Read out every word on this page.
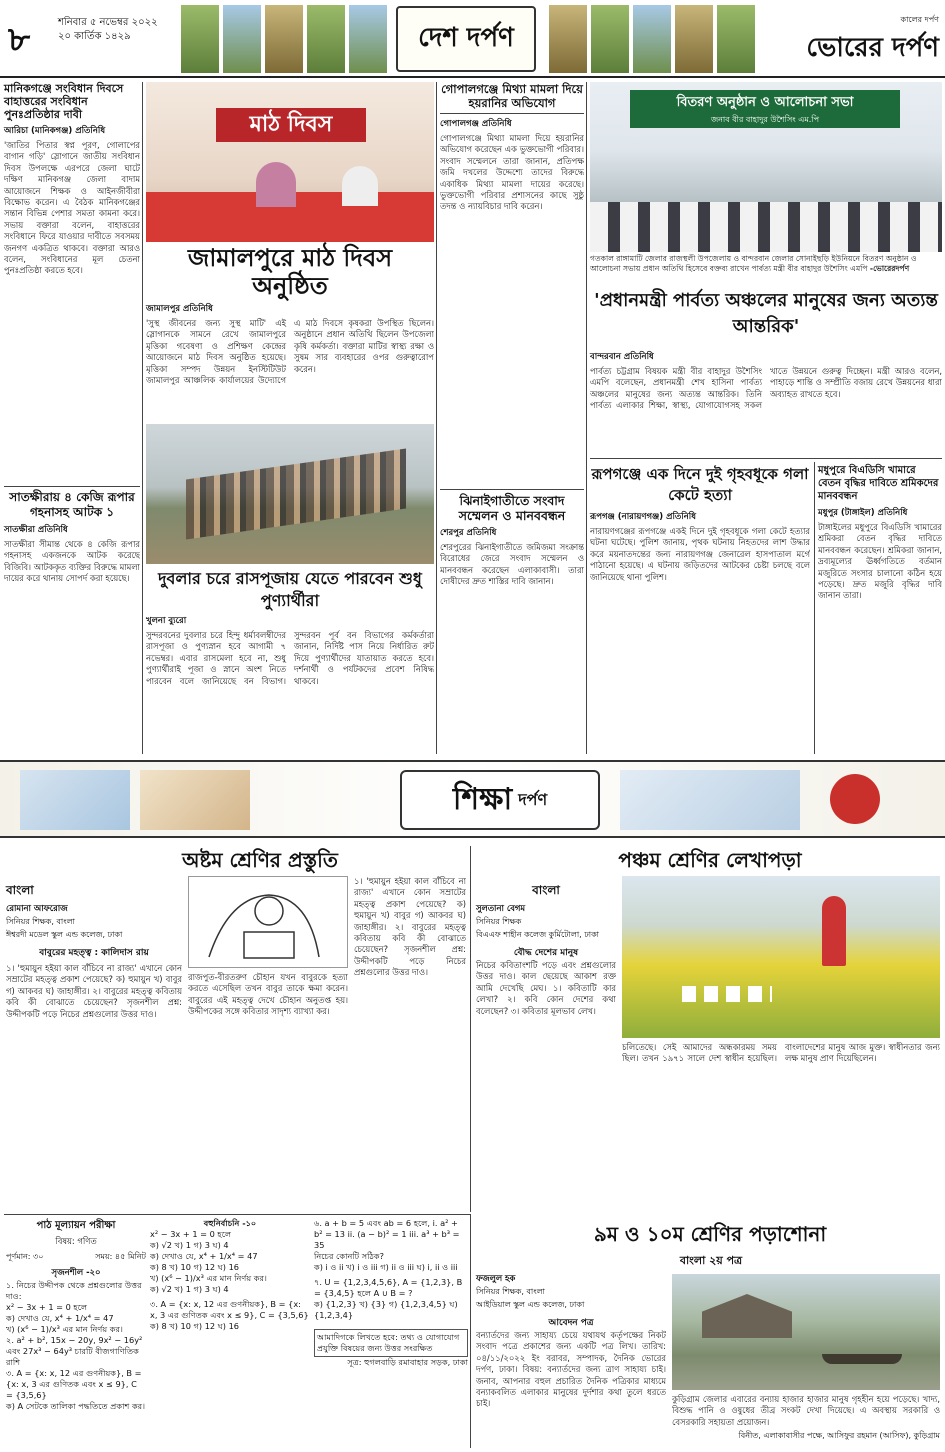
৮	শনিবার ৫ নভেম্বর ২০২২
২০ কার্তিক ১৪২৯	দেশ দর্পণ
কালের দর্পণ
ভোরের দর্পণ
মানিকগঞ্জে সংবিধান দিবসে বাহাত্তরের সংবিধান পুনঃপ্রতিষ্ঠার দাবী
আরিচা (মানিকগঞ্জ) প্রতিনিধি
'জাতির পিতার স্বপ্ন পূরণ, গোলাপের বাগান গড়ি' স্লোগানে জাতীয় সংবিধান দিবস উপলক্ষে এরপরে জেলা ঘাটে দক্ষিণ মানিকগঞ্জ জেলা বাদাম আয়োজনে শিক্ষক ও আইনজীবীরা বিক্ষোভ করেন। এ বৈঠক মানিকগঞ্জের সন্তান বিভিন্ন পেশার সমতা কামনা করে। সভায় বক্তারা বলেন, বাহাত্তরের সংবিধানে ফিরে যাওয়ার দাবীতে সবসময় জনগণ একত্রিত থাকবে। বক্তারা আরও বলেন, সংবিধানের মূল চেতনা পুনঃপ্রতিষ্ঠা করতে হবে।
সাতক্ষীরায় ৪ কেজি রূপার গহনাসহ আটক ১
সাতক্ষীরা প্রতিনিধি
সাতক্ষীরা সীমান্ত থেকে ৪ কেজি রূপার গহনাসহ একজনকে আটক করেছে বিজিবি। আটককৃত ব্যক্তির বিরুদ্ধে মামলা দায়ের করে থানায় সোপর্দ করা হয়েছে।
মাঠ দিবস
জামালপুরে মাঠ দিবস অনুষ্ঠিত
জামালপুর প্রতিনিধি
'সুস্থ জীবনের জন্য সুস্থ মাটি' এই স্লোগানকে সামনে রেখে জামালপুরে মৃত্তিকা গবেষণা ও প্রশিক্ষণ কেন্দ্রের আয়োজনে মাঠ দিবস অনুষ্ঠিত হয়েছে। মৃত্তিকা সম্পদ উন্নয়ন ইনস্টিটিউট জামালপুর আঞ্চলিক কার্যালয়ের উদ্যোগে এ মাঠ দিবসে কৃষকরা উপস্থিত ছিলেন। অনুষ্ঠানে প্রধান অতিথি ছিলেন উপজেলা কৃষি কর্মকর্তা। বক্তারা মাটির স্বাস্থ্য রক্ষা ও সুষম সার ব্যবহারের ওপর গুরুত্বারোপ করেন।
দুবলার চরে রাসপূজায় যেতে পারবেন শুধু পুণ্যার্থীরা
খুলনা ব্যুরো
সুন্দরবনের দুবলার চরে হিন্দু ধর্মাবলম্বীদের রাসপূজা ও পুণ্যস্নান হবে আগামী ৭ নভেম্বর। এবার রাসমেলা হবে না, শুধু পুণ্যার্থীরাই পূজা ও স্নানে অংশ নিতে পারবেন বলে জানিয়েছে বন বিভাগ। সুন্দরবন পূর্ব বন বিভাগের কর্মকর্তারা জানান, নির্দিষ্ট পাস নিয়ে নির্ধারিত রুট দিয়ে পুণ্যার্থীদের যাতায়াত করতে হবে। দর্শনার্থী ও পর্যটকদের প্রবেশ নিষিদ্ধ থাকবে।
গোপালগঞ্জে মিথ্যা মামলা দিয়ে হয়রানির অভিযোগ
গোপালগঞ্জ প্রতিনিধি
গোপালগঞ্জে মিথ্যা মামলা দিয়ে হয়রানির অভিযোগ করেছেন এক ভুক্তভোগী পরিবার। সংবাদ সম্মেলনে তারা জানান, প্রতিপক্ষ জমি দখলের উদ্দেশ্যে তাদের বিরুদ্ধে একাধিক মিথ্যা মামলা দায়ের করেছে। ভুক্তভোগী পরিবার প্রশাসনের কাছে সুষ্ঠু তদন্ত ও ন্যায়বিচার দাবি করেন।
ঝিনাইগাতীতে সংবাদ সম্মেলন ও মানববন্ধন
শেরপুর প্রতিনিধি
শেরপুরের ঝিনাইগাতীতে জমিজমা সংক্রান্ত বিরোধের জেরে সংবাদ সম্মেলন ও মানববন্ধন করেছেন এলাকাবাসী। তারা দোষীদের দ্রুত শাস্তির দাবি জানান।
বিতরণ অনুষ্ঠান ও আলোচনা সভা
জনাব বীর বাহাদুর উশৈসিং এম.পি
গতকাল রাঙ্গামাটি জেলার রাজস্থলী উপজেলায় ও বান্দরবান জেলার সোনাইছড়ি ইউনিয়নে বিতরণ অনুষ্ঠান ও আলোচনা সভায় প্রধান অতিথি হিসেবে বক্তব্য রাখেন পার্বত্য মন্ত্রী বীর বাহাদুর উশৈসিং এমপি -ভোরেরদর্পণ
'প্রধানমন্ত্রী পার্বত্য অঞ্চলের মানুষের জন্য অত্যন্ত আন্তরিক'
বান্দরবান প্রতিনিধি
পার্বত্য চট্টগ্রাম বিষয়ক মন্ত্রী বীর বাহাদুর উশৈসিং এমপি বলেছেন, প্রধানমন্ত্রী শেখ হাসিনা পার্বত্য অঞ্চলের মানুষের জন্য অত্যন্ত আন্তরিক। তিনি পার্বত্য এলাকার শিক্ষা, স্বাস্থ্য, যোগাযোগসহ সকল খাতে উন্নয়নে গুরুত্ব দিচ্ছেন। মন্ত্রী আরও বলেন, পাহাড়ে শান্তি ও সম্প্রীতি বজায় রেখে উন্নয়নের ধারা অব্যাহত রাখতে হবে।
রূপগঞ্জে এক দিনে দুই গৃহবধূকে গলা কেটে হত্যা
রূপগঞ্জ (নারায়ণগঞ্জ) প্রতিনিধি
নারায়ণগঞ্জের রূপগঞ্জে একই দিনে দুই গৃহবধূকে গলা কেটে হত্যার ঘটনা ঘটেছে। পুলিশ জানায়, পৃথক ঘটনায় নিহতদের লাশ উদ্ধার করে ময়নাতদন্তের জন্য নারায়ণগঞ্জ জেনারেল হাসপাতাল মর্গে পাঠানো হয়েছে। এ ঘটনায় জড়িতদের আটকের চেষ্টা চলছে বলে জানিয়েছে থানা পুলিশ।
মধুপুরে বিএডিসি খামারে বেতন বৃদ্ধির দাবিতে শ্রমিকদের মানববন্ধন
মধুপুর (টাঙ্গাইল) প্রতিনিধি
টাঙ্গাইলের মধুপুরে বিএডিসি খামারের শ্রমিকরা বেতন বৃদ্ধির দাবিতে মানববন্ধন করেছেন। শ্রমিকরা জানান, দ্রব্যমূল্যের ঊর্ধ্বগতিতে বর্তমান মজুরিতে সংসার চালানো কঠিন হয়ে পড়েছে। দ্রুত মজুরি বৃদ্ধির দাবি জানান তারা।
শিক্ষা দর্পণ
অষ্টম শ্রেণির প্রস্তুতি
বাংলা
রোমানা আফরোজ
সিনিয়র শিক্ষক, বাংলা
ঈশ্বরদী মডেল স্কুল এন্ড কলেজ, ঢাকা
বাবুরের মহত্ত্ব : কালিদাস রায়
১। 'হুমায়ুন হইয়া কাল বাঁচিবে না রাজ্য' এখানে কোন সম্রাটের মহত্ত্ব প্রকাশ পেয়েছে? ক) হুমায়ুন খ) বাবুর গ) আকবর ঘ) জাহাঙ্গীর। ২। বাবুরের মহত্ত্ব কবিতায় কবি কী বোঝাতে চেয়েছেন? সৃজনশীল প্রশ্ন: উদ্দীপকটি পড়ে নিচের প্রশ্নগুলোর উত্তর দাও।
রাজপুত-বীরতরুণ চৌহান যখন বাবুরকে হত্যা করতে এসেছিল তখন বাবুর তাকে ক্ষমা করেন। বাবুরের এই মহত্ত্ব দেখে চৌহান অনুতপ্ত হয়। উদ্দীপকের সঙ্গে কবিতার সাদৃশ্য ব্যাখ্যা কর।
১। 'হুমায়ুন হইয়া কাল বাঁচিবে না রাজ্য' এখানে কোন সম্রাটের মহত্ত্ব প্রকাশ পেয়েছে? ক) হুমায়ুন খ) বাবুর গ) আকবর ঘ) জাহাঙ্গীর। ২। বাবুরের মহত্ত্ব কবিতায় কবি কী বোঝাতে চেয়েছেন? সৃজনশীল প্রশ্ন: উদ্দীপকটি পড়ে নিচের প্রশ্নগুলোর উত্তর দাও।
পঞ্চম শ্রেণির লেখাপড়া
বাংলা
সুলতানা বেগম
সিনিয়র শিক্ষক
বিএএফ শাহীন কলেজ কুর্মিটোলা, ঢাকা
বৌদ্ধ দেশের মানুষ
নিচের কবিতাংশটি পড়ে এবং প্রশ্নগুলোর উত্তর দাও। কাল ছেয়েছে আকাশ রক্ত আমি দেখেছি মেঘ। ১। কবিতাটি কার লেখা? ২। কবি কোন দেশের কথা বলেছেন? ৩। কবিতার মূলভাব লেখ।
চলিতেছে। সেই আমাদের অন্ধকারময় সময় ছিল। তখন ১৯৭১ সালে দেশ স্বাধীন হয়েছিল। বাংলাদেশের মানুষ আজ মুক্ত। স্বাধীনতার জন্য লক্ষ মানুষ প্রাণ দিয়েছিলেন।
পাঠ মূল্যায়ন পরীক্ষা
বিষয়: গণিত
পূর্ণমান: ৩০	সময়: ৪৫ মিনিট
সৃজনশীল -২০
১. নিচের উদ্দীপক থেকে প্রশ্নগুলোর উত্তর দাও:
x² − 3x + 1 = 0 হলে
ক) দেখাও যে, x⁴ + 1/x⁴ = 47
খ) (x⁶ − 1)/x³ এর মান নির্ণয় কর।
২. a² + b², 15x − 20y, 9x² − 16y² এবং 27x³ − 64y³ চারটি বীজগাণিতিক রাশি
৩. A = {x: x, 12 এর গুণনীয়ক}, B = {x: x, 3 এর গুণিতক এবং x ≤ 9}, C = {3,5,6}
ক) A সেটকে তালিকা পদ্ধতিতে প্রকাশ কর।
বহুনির্বাচনি -১০
x² − 3x + 1 = 0 হলে
ক) √2 খ) 1 গ) 3 ঘ) 4
ক) দেখাও যে, x⁴ + 1/x⁴ = 47
ক) 8 খ) 10 গ) 12 ঘ) 16
খ) (x⁶ − 1)/x³ এর মান নির্ণয় কর।
ক) √2 খ) 1 গ) 3 ঘ) 4
৩. A = {x: x, 12 এর গুণনীয়ক}, B = {x: x, 3 এর গুণিতক এবং x ≤ 9}, C = {3,5,6}
ক) 8 খ) 10 গ) 12 ঘ) 16
৬. a + b = 5 এবং ab = 6 হলে, i. a² + b² = 13 ii. (a − b)² = 1 iii. a³ + b³ = 35
নিচের কোনটি সঠিক?
ক) i ও ii খ) i ও iii গ) ii ও iii ঘ) i, ii ও iii
৭. U = {1,2,3,4,5,6}, A = {1,2,3}, B = {3,4,5} হলে A ∪ B = ?
ক) {1,2,3} খ) {3} গ) {1,2,3,4,5} ঘ) {1,2,3,4}
আমাদিগকে লিখতে হবে: তথ্য ও যোগাযোগ প্রযুক্তি বিষয়ের জন্য উত্তর সংরক্ষিত
সূত্র: হুগলবাড়ি রমাবাহার সড়ক, ঢাকা
৯ম ও ১০ম শ্রেণির পড়াশোনা
বাংলা ২য় পত্র
ফজলুল হক
সিনিয়র শিক্ষক, বাংলা
আইডিয়াল স্কুল এন্ড কলেজ, ঢাকা
আবেদন পত্র
বন্যার্তদের জন্য সাহায্য চেয়ে যথাযথ কর্তৃপক্ষের নিকট সংবাদ পত্রে প্রকাশের জন্য একটি পত্র লিখ। তারিখ: ০৪/১১/২০২২ ইং বরাবর, সম্পাদক, দৈনিক ভোরের দর্পণ, ঢাকা। বিষয়: বন্যার্তদের জন্য ত্রাণ সাহায্য চাই। জনাব, আপনার বহুল প্রচারিত দৈনিক পত্রিকার মাধ্যমে বন্যাকবলিত এলাকার মানুষের দুর্দশার কথা তুলে ধরতে চাই।	কুড়িগ্রাম জেলার এবারের বন্যায় হাজার হাজার মানুষ গৃহহীন হয়ে পড়েছে। খাদ্য, বিশুদ্ধ পানি ও ওষুধের তীব্র সংকট দেখা দিয়েছে। এ অবস্থায় সরকারি ও বেসরকারি সহায়তা প্রয়োজন।
বিনীত, এলাকাবাসীর পক্ষে, আসিফুর রহমান (আসিফ), কুড়িগ্রাম
